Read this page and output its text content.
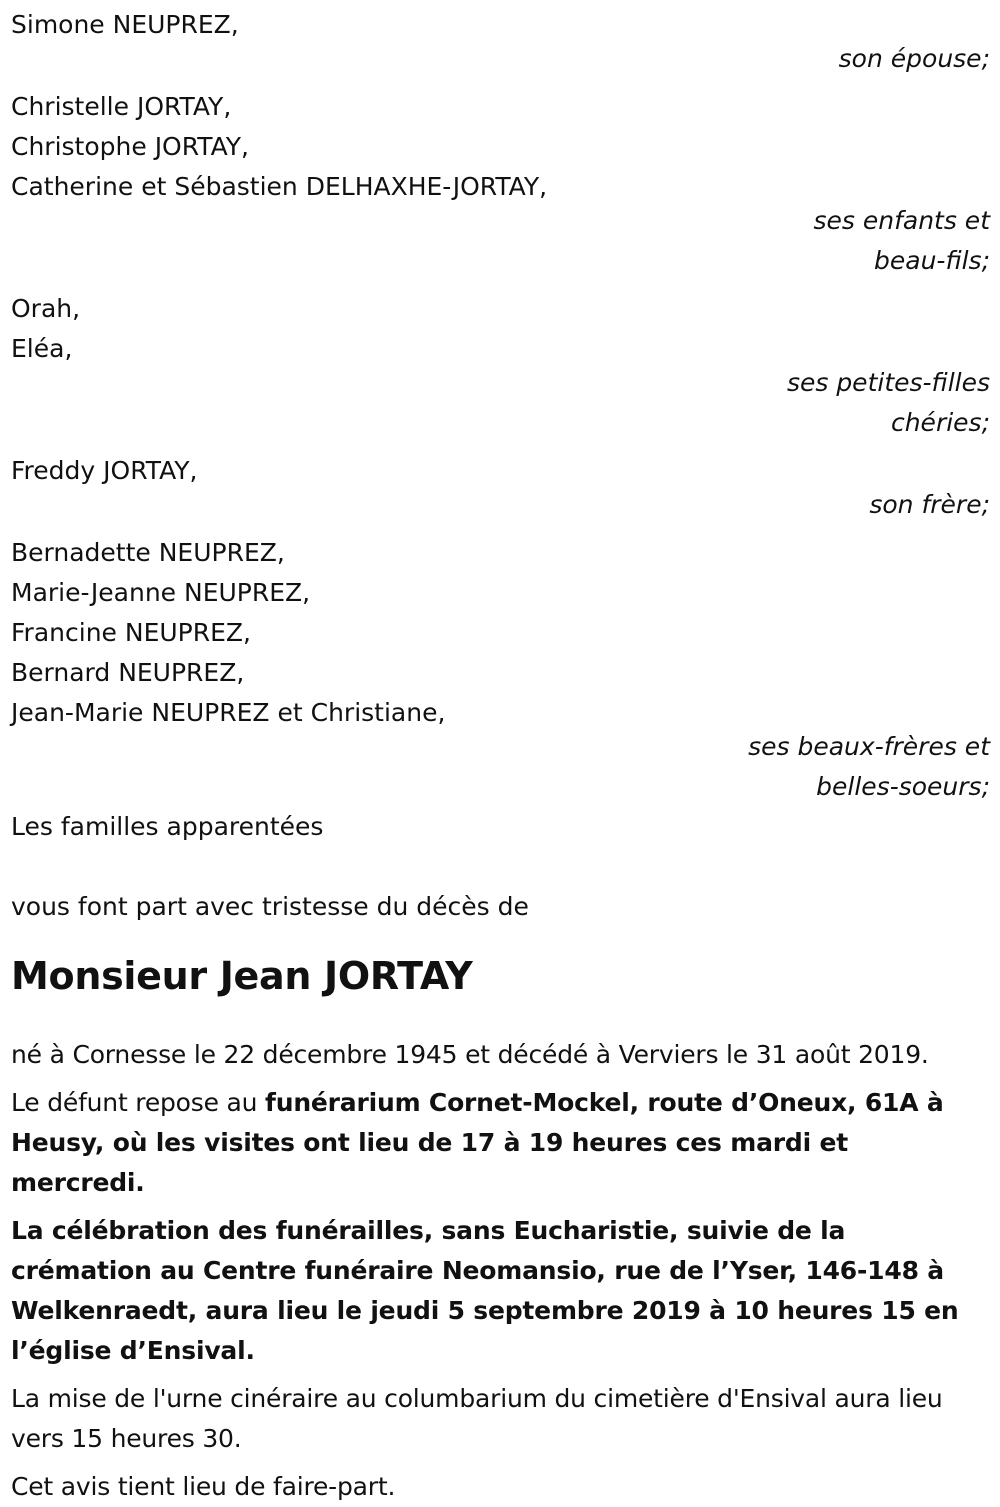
Simone NEUPREZ,
son épouse;
Christelle JORTAY,
Christophe JORTAY,
Catherine et Sébastien DELHAXHE-JORTAY,
ses enfants et
beau-fils;
Orah,
Eléa,
ses petites-filles
chéries;
Freddy JORTAY,
son frère;
Bernadette NEUPREZ,
Marie-Jeanne NEUPREZ,
Francine NEUPREZ,
Bernard NEUPREZ,
Jean-Marie NEUPREZ et Christiane,
ses beaux-frères et
belles-soeurs;
Les familles apparentées
vous font part avec tristesse du décès de
Monsieur Jean JORTAY

né à Cornesse le 22 décembre 1945 et décédé à Verviers le 31 août 2019.

Le défunt repose au funérarium Cornet-Mockel, route d’Oneux, 61A à Heusy, où les visites ont lieu de 17 à 19 heures ces mardi et mercredi.

La célébration des funérailles, sans Eucharistie, suivie de la crémation au Centre funéraire Neomansio, rue de l’Yser, 146-148 à Welkenraedt, aura lieu le jeudi 5 septembre 2019 à 10 heures 15 en l’église d’Ensival.

La mise de l'urne cinéraire au columbarium du cimetière d'Ensival aura lieu vers 15 heures 30.

Cet avis tient lieu de faire-part.
